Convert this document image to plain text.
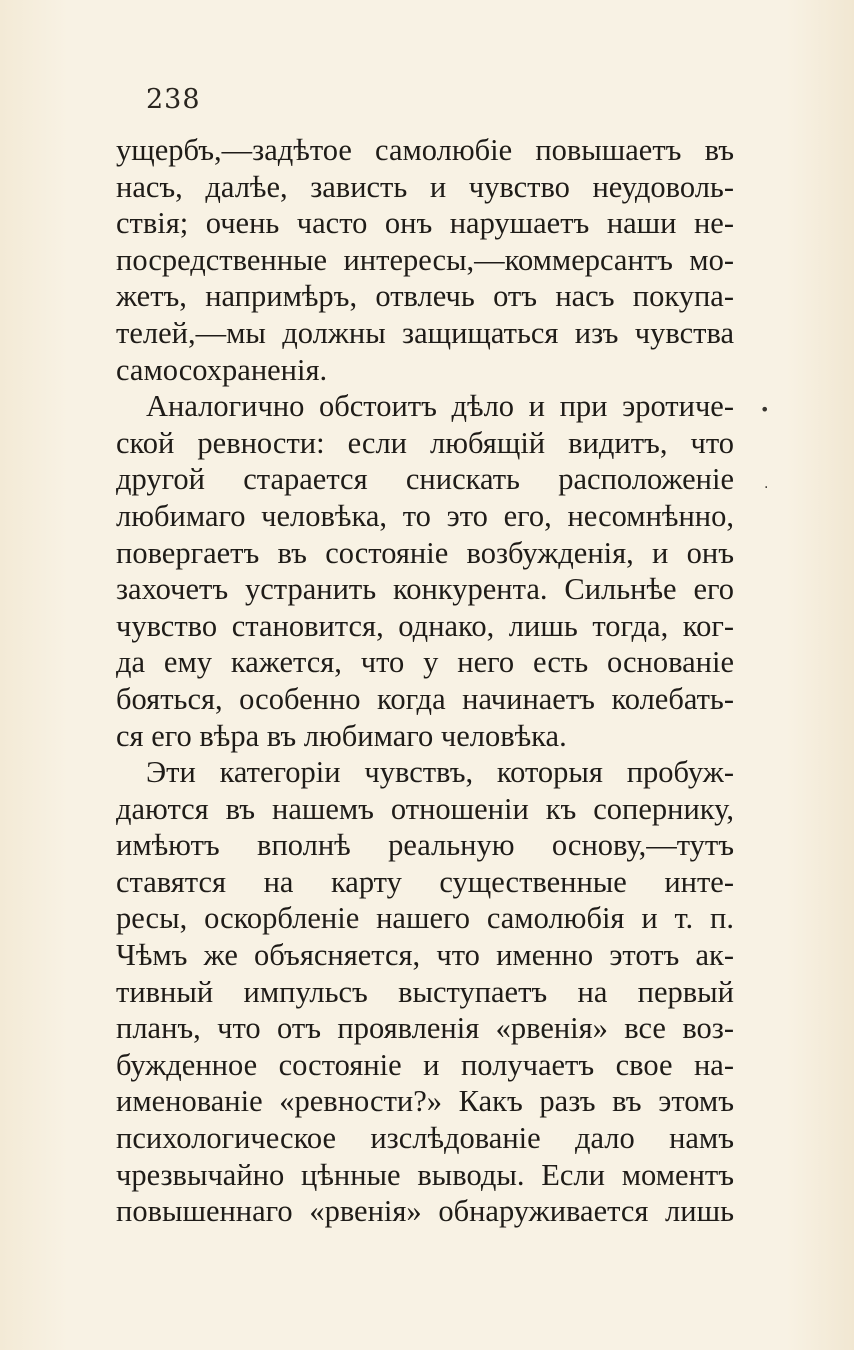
238
ущербъ,—задѣтое самолюбіе повышаетъ въ
насъ, далѣе, зависть и чувство неудоволь-
ствія; очень часто онъ нарушаетъ наши не-
посредственные интересы,—коммерсантъ мо-
жетъ, напримѣръ, отвлечь отъ насъ покупа-
телей,—мы должны защищаться изъ чувства
самосохраненія.
Аналогично обстоитъ дѣло и при эротиче-
ской ревности: если любящій видитъ, что
другой старается снискать расположеніе
любимаго человѣка, то это его, несомнѣнно,
повергаетъ въ состояніе возбужденія, и онъ
захочетъ устранить конкурента. Сильнѣе его
чувство становится, однако, лишь тогда, ког-
да ему кажется, что у него есть основаніе
бояться, особенно когда начинаетъ колебать-
ся его вѣра въ любимаго человѣка.
Эти категоріи чувствъ, которыя пробуж-
даются въ нашемъ отношеніи къ сопернику,
имѣютъ вполнѣ реальную основу,—тутъ
ставятся на карту существенные инте-
ресы, оскорбленіе нашего самолюбія и т. п.
Чѣмъ же объясняется, что именно этотъ ак-
тивный импульсъ выступаетъ на первый
планъ, что отъ проявленія «рвенія» все воз-
бужденное состояніе и получаетъ свое на-
именованіе «ревности?» Какъ разъ въ этомъ
психологическое изслѣдованіе дало намъ
чрезвычайно цѣнные выводы. Если моментъ
повышеннаго «рвенія» обнаруживается лишь
•
·
